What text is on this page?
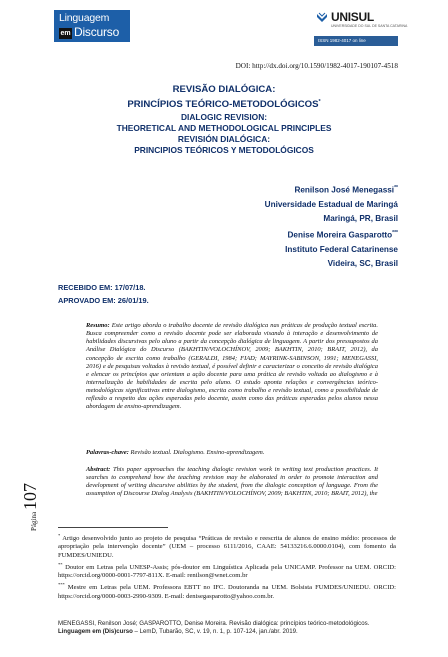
Linguagem
em Discurso
UNISUL
UNIVERSIDADE DO SUL DE SANTA CATARINA
ISSN 1982-4017 on line
DOI: http://dx.doi.org/10.1590/1982-4017-190107-4518
REVISÃO DIALÓGICA:
PRINCÍPIOS TEÓRICO-METODOLÓGICOS*
DIALOGIC REVISION:
THEORETICAL AND METHODOLOGICAL PRINCIPLES
REVISIÓN DIALÓGICA:
PRINCIPIOS TEÓRICOS Y METODOLÓGICOS
Renilson José Menegassi**
Universidade Estadual de Maringá
Maringá, PR, Brasil
Denise Moreira Gasparotto***
Instituto Federal Catarinense
Videira, SC, Brasil
RECEBIDO EM: 17/07/18.
APROVADO EM: 26/01/19.
Resumo: Este artigo aborda o trabalho docente de revisão dialógica nas práticas de produção textual escrita. Busca compreender como a revisão docente pode ser elaborada visando à interação e desenvolvimento de habilidades discursivas pelo aluno a partir da concepção dialógica de linguagem. A partir dos pressupostos da Análise Dialógica do Discurso (BAKHTIN/VOLOCHÍNOV, 2009; BAKHTIN, 2010; BRAIT, 2012), da concepção de escrita como trabalho (GERALDI, 1984; FIAD; MAYRINK-SABINSON, 1991; MENEGASSI, 2016) e de pesquisas voltadas à revisão textual, é possível definir e caracterizar o conceito de revisão dialógica e elencar os princípios que orientam a ação docente para uma prática de revisão voltada ao dialogismo e à internalização de habilidades de escrita pelo aluno. O estudo aponta relações e convergências teórico-metodológicas significativas entre dialogismo, escrita como trabalho e revisão textual, como a possibilidade de reflexão a respeito das ações esperadas pelo docente, assim como das práticas esperadas pelos alunos nessa abordagem de ensino-aprendizagem.
Palavras-chave: Revisão textual. Dialogismo. Ensino-aprendizagem.
Abstract: This paper approaches the teaching dialogic revision work in writing text production practices. It searches to comprehend how the teaching revision may be elaborated in order to promote interaction and development of writing discursive abilities by the student, from the dialogic conception of language. From the assumption of Discourse Dialog Analysis (BAKHTIN/VOLOCHÍNOV, 2009; BAKHTIN, 2010; BRAIT, 2012), the
Página107

* Artigo desenvolvido junto ao projeto de pesquisa “Práticas de revisão e reescrita de alunos de ensino médio: processos de apropriação pela intervenção docente” (UEM – processo 6111/2016, CAAE: 54133216.6.0000.0104), com fomento da FUMDES/UNIEDU.

** Doutor em Letras pela UNESP-Assis; pós-doutor em Linguística Aplicada pela UNICAMP. Professor na UEM. ORCID: https://orcid.org/0000-0001-7797-811X. E-mail: renilson@wnet.com.br

*** Mestre em Letras pela UEM. Professora EBTT no IFC. Doutoranda na UEM. Bolsista FUMDES/UNIEDU. ORCID: https://orcid.org/0000-0003-2990-9309. E-mail: denisegasparotto@yahoo.com.br.

MENEGASSI, Renilson José; GASPAROTTO, Denise Moreira. Revisão dialógica: princípios teórico-metodológicos. Linguagem em (Dis)curso – LemD, Tubarão, SC, v. 19, n. 1, p. 107-124, jan./abr. 2019.
